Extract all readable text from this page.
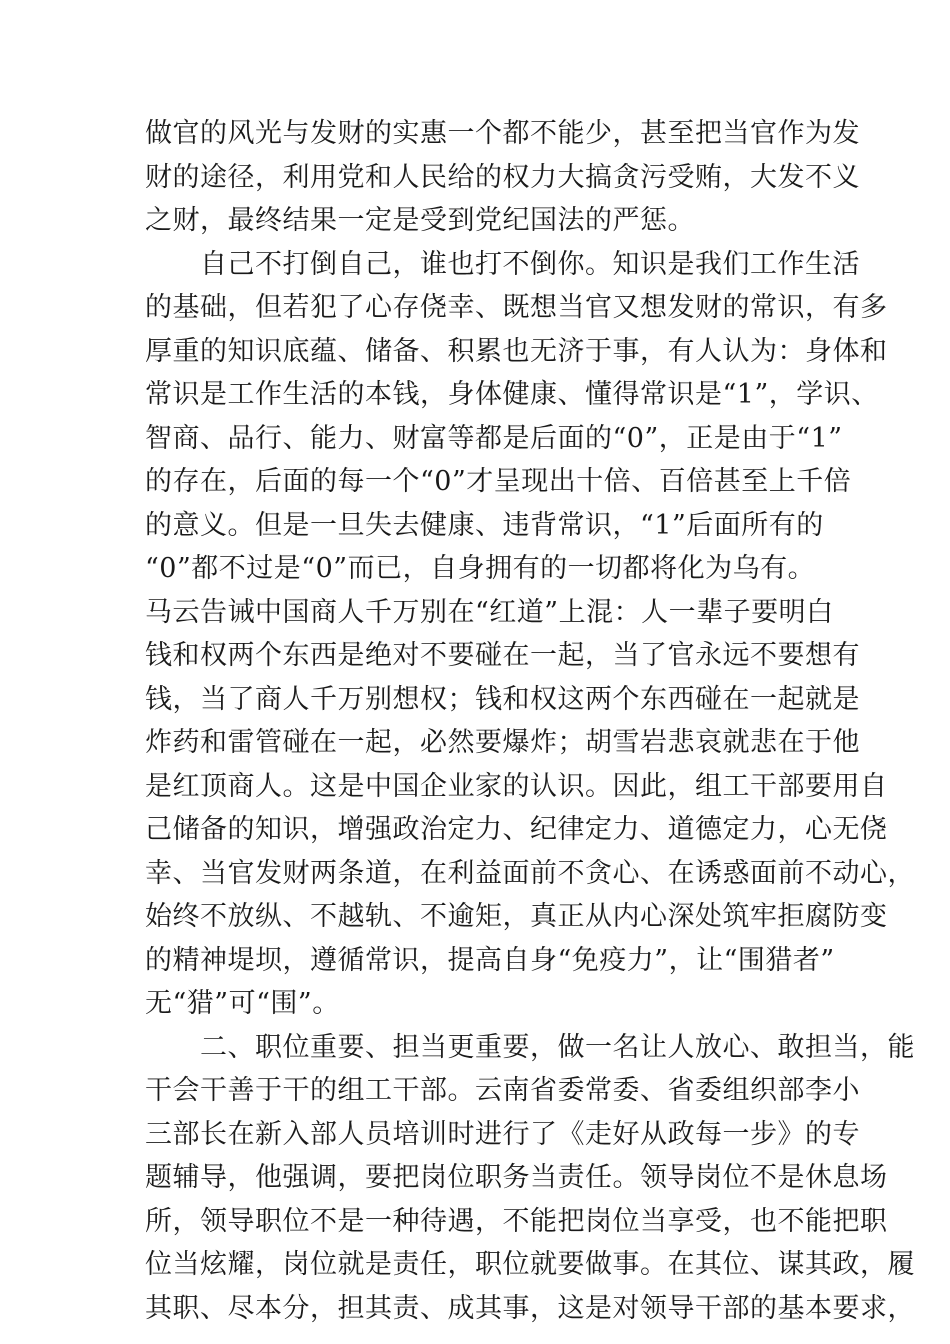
做官的风光与发财的实惠一个都不能少，甚至把当官作为发
财的途径，利用党和人民给的权力大搞贪污受贿，大发不义
之财，最终结果一定是受到党纪国法的严惩。
自己不打倒自己，谁也打不倒你。知识是我们工作生活
的基础，但若犯了心存侥幸、既想当官又想发财的常识，有多
厚重的知识底蕴、储备、积累也无济于事，有人认为：身体和
常识是工作生活的本钱，身体健康、懂得常识是“1”，学识、
智商、品行、能力、财富等都是后面的“0”，正是由于“1”
的存在，后面的每一个“0”才呈现出十倍、百倍甚至上千倍
的意义。但是一旦失去健康、违背常识，“1”后面所有的
“0”都不过是“0”而已，自身拥有的一切都将化为乌有。
马云告诫中国商人千万别在“红道”上混：人一辈子要明白
钱和权两个东西是绝对不要碰在一起，当了官永远不要想有
钱，当了商人千万别想权；钱和权这两个东西碰在一起就是
炸药和雷管碰在一起，必然要爆炸；胡雪岩悲哀就悲在于他
是红顶商人。这是中国企业家的认识。因此，组工干部要用自
己储备的知识，增强政治定力、纪律定力、道德定力，心无侥
幸、当官发财两条道，在利益面前不贪心、在诱惑面前不动心，
始终不放纵、不越轨、不逾矩，真正从内心深处筑牢拒腐防变
的精神堤坝，遵循常识，提高自身“免疫力”，让“围猎者”
无“猎”可“围”。
二、职位重要、担当更重要，做一名让人放心、敢担当，能
干会干善于干的组工干部。云南省委常委、省委组织部李小
三部长在新入部人员培训时进行了《走好从政每一步》的专
题辅导，他强调，要把岗位职务当责任。领导岗位不是休息场
所，领导职位不是一种待遇，不能把岗位当享受，也不能把职
位当炫耀，岗位就是责任，职位就要做事。在其位、谋其政，履
其职、尽本分，担其责、成其事，这是对领导干部的基本要求，
